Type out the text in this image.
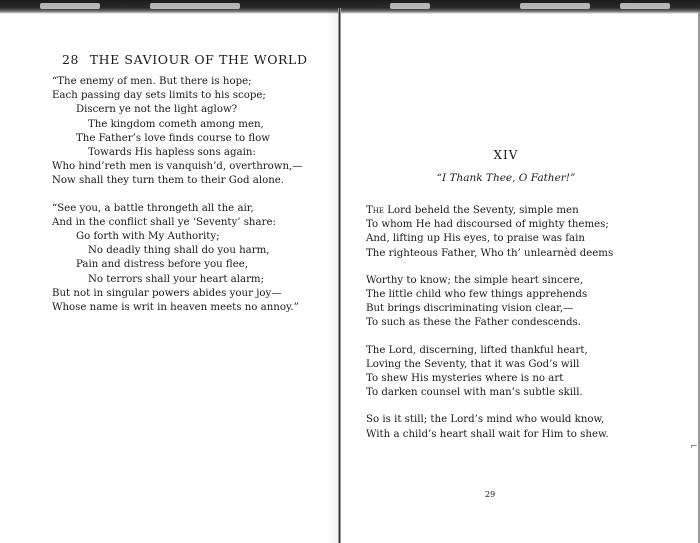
28 THE SAVIOUR OF THE WORLD
“The enemy of men. But there is hope;
Each passing day sets limits to his scope;
Discern ye not the light aglow?
The kingdom cometh among men,
The Father’s love finds course to flow
Towards His hapless sons again:
Who hind’reth men is vanquish’d, overthrown,—
Now shall they turn them to their God alone.
“See you, a battle throngeth all the air,
And in the conflict shall ye ‘Seventy’ share:
Go forth with My Authority;
No deadly thing shall do you harm,
Pain and distress before you flee,
No terrors shall your heart alarm;
But not in singular powers abides your joy—
Whose name is writ in heaven meets no annoy.”
XIV
“I Thank Thee, O Father!”
The Lord beheld the Seventy, simple men
To whom He had discoursed of mighty themes;
And, lifting up His eyes, to praise was fain
The righteous Father, Who th’ unlearnèd deems
Worthy to know; the simple heart sincere,
The little child who few things apprehends
But brings discriminating vision clear,—
To such as these the Father condescends.
The Lord, discerning, lifted thankful heart,
Loving the Seventy, that it was God’s will
To shew His mysteries where is no art
To darken counsel with man’s subtle skill.
So is it still; the Lord’s mind who would know,
With a child’s heart shall wait for Him to shew.
29
⌐
